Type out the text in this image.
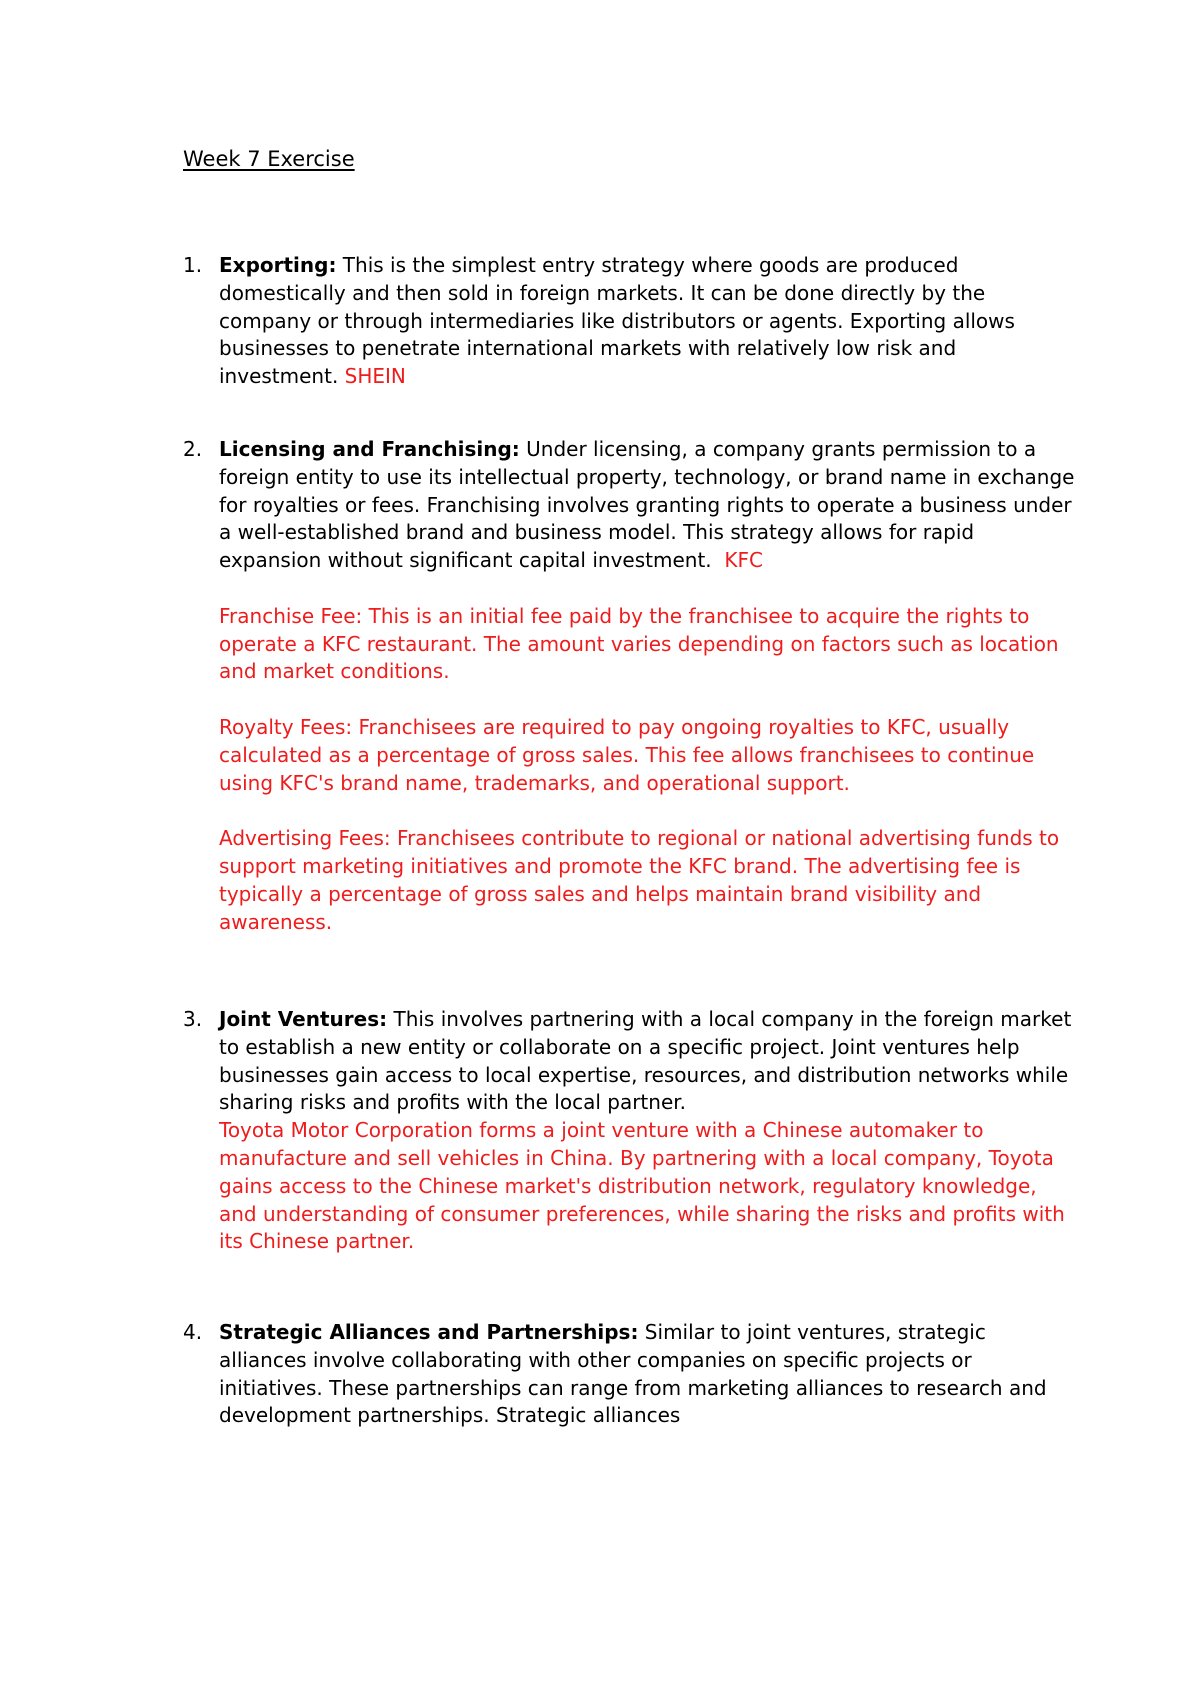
Week 7 Exercise
1. Exporting: This is the simplest entry strategy where goods are produced domestically and then sold in foreign markets. It can be done directly by the company or through intermediaries like distributors or agents. Exporting allows businesses to penetrate international markets with relatively low risk and investment. SHEIN

2. Licensing and Franchising: Under licensing, a company grants permission to a foreign entity to use its intellectual property, technology, or brand name in exchange for royalties or fees. Franchising involves granting rights to operate a business under a well-established brand and business model. This strategy allows for rapid expansion without significant capital investment. KFC

Franchise Fee: This is an initial fee paid by the franchisee to acquire the rights to operate a KFC restaurant. The amount varies depending on factors such as location and market conditions.

Royalty Fees: Franchisees are required to pay ongoing royalties to KFC, usually calculated as a percentage of gross sales. This fee allows franchisees to continue using KFC's brand name, trademarks, and operational support.

Advertising Fees: Franchisees contribute to regional or national advertising funds to support marketing initiatives and promote the KFC brand. The advertising fee is typically a percentage of gross sales and helps maintain brand visibility and awareness.

3. Joint Ventures: This involves partnering with a local company in the foreign market to establish a new entity or collaborate on a specific project. Joint ventures help businesses gain access to local expertise, resources, and distribution networks while sharing risks and profits with the local partner.

Toyota Motor Corporation forms a joint venture with a Chinese automaker to manufacture and sell vehicles in China. By partnering with a local company, Toyota gains access to the Chinese market's distribution network, regulatory knowledge, and understanding of consumer preferences, while sharing the risks and profits with its Chinese partner.

4. Strategic Alliances and Partnerships: Similar to joint ventures, strategic alliances involve collaborating with other companies on specific projects or initiatives. These partnerships can range from marketing alliances to research and development partnerships. Strategic alliances
